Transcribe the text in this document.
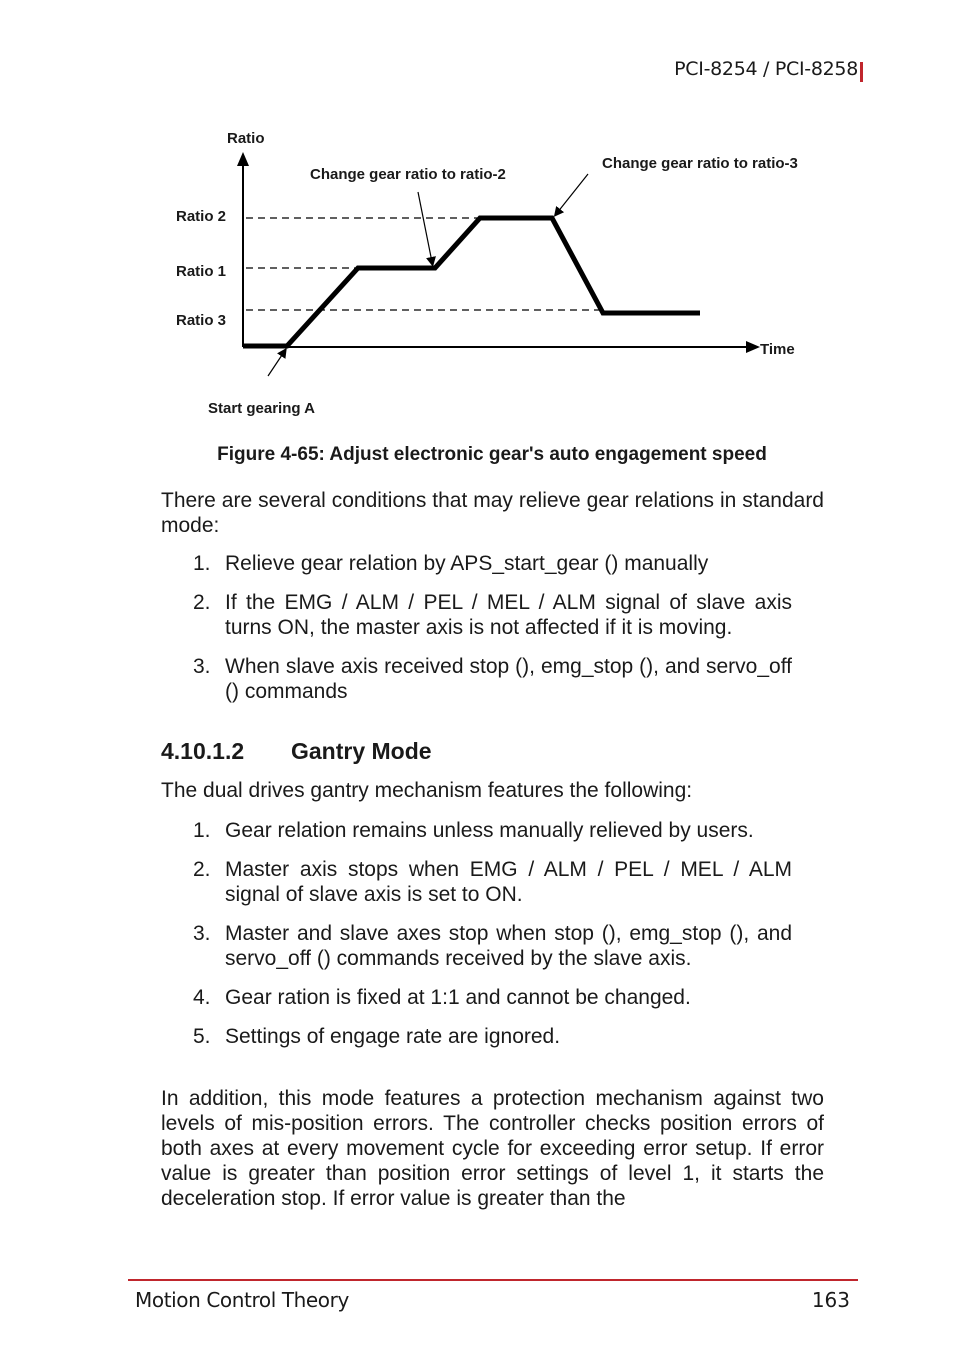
PCI-8254 / PCI-8258
Ratio
Time
Ratio 2
Ratio 1
Ratio 3
Change gear ratio to ratio-2
Change gear ratio to ratio-3
Start gearing A
Figure 4-65: Adjust electronic gear's auto engagement speed
There are several conditions that may relieve gear relations in standard mode:
1. Relieve gear relation by APS_start_gear () manually
2. If the EMG / ALM / PEL / MEL / ALM signal of slave axis turns ON, the master axis is not affected if it is moving.
3. When slave axis received stop (), emg_stop (), and servo_off () commands
4.10.1.2 Gantry Mode
The dual drives gantry mechanism features the following:
1. Gear relation remains unless manually relieved by users.
2. Master axis stops when EMG / ALM / PEL / MEL / ALM signal of slave axis is set to ON.
3. Master and slave axes stop when stop (), emg_stop (), and servo_off () commands received by the slave axis.
4. Gear ration is fixed at 1:1 and cannot be changed.
5. Settings of engage rate are ignored.
In addition, this mode features a protection mechanism against two levels of mis-position errors. The controller checks position errors of both axes at every movement cycle for exceeding error setup. If error value is greater than position error settings of level 1, it starts the deceleration stop. If error value is greater than the
Motion Control Theory	163
